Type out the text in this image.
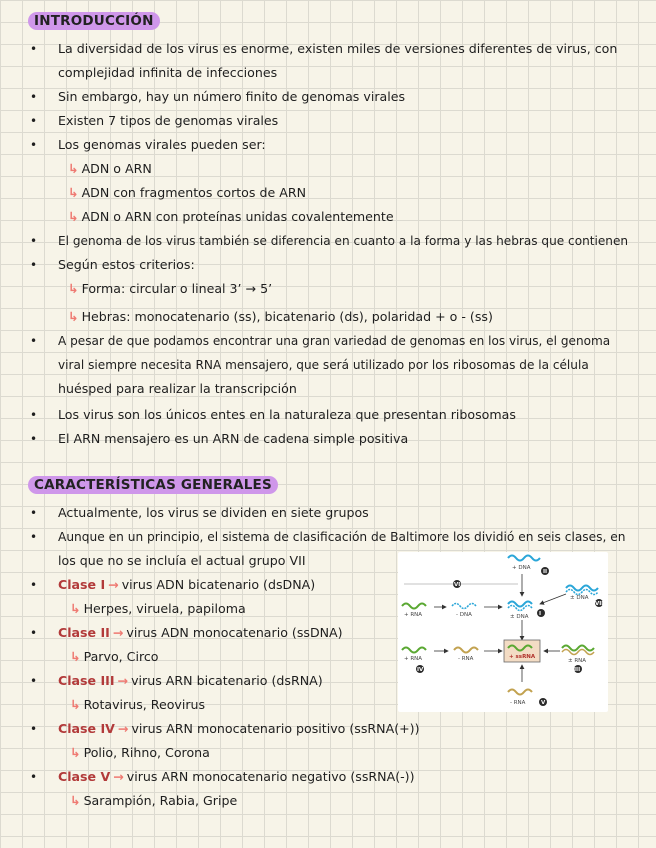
INTRODUCCIÓN
• La diversidad de los virus es enorme, existen miles de versiones diferentes de virus, con
complejidad infinita de infecciones
• Sin embargo, hay un número finito de genomas virales
• Existen 7 tipos de genomas virales
• Los genomas virales pueden ser:
↳ ADN o ARN
↳ ADN con fragmentos cortos de ARN
↳ ADN o ARN con proteínas unidas covalentemente
• El genoma de los virus también se diferencia en cuanto a la forma y las hebras que contienen
• Según estos criterios:
↳ Forma: circular o lineal 3’ → 5’
↳ Hebras: monocatenario (ss), bicatenario (ds), polaridad + o - (ss)
• A pesar de que podamos encontrar una gran variedad de genomas en los virus, el genoma
viral siempre necesita RNA mensajero, que será utilizado por los ribosomas de la célula
huésped para realizar la transcripción
• Los virus son los únicos entes en la naturaleza que presentan ribosomas
• El ARN mensajero es un ARN de cadena simple positiva
CARACTERÍSTICAS GENERALES
• Actualmente, los virus se dividen en siete grupos
• Aunque en un principio, el sistema de clasificación de Baltimore los dividió en seis clases, en
los que no se incluía el actual grupo VII
• Clase I → virus ADN bicatenario (dsDNA)
↳ Herpes, viruela, papiloma
• Clase II → virus ADN monocatenario (ssDNA)
↳ Parvo, Circo
• Clase III → virus ARN bicatenario (dsRNA)
↳ Rotavirus, Reovirus
• Clase IV → virus ARN monocatenario positivo (ssRNA(+))
↳ Polio, Rihno, Corona
• Clase V → virus ARN monocatenario negativo (ssRNA(-))
↳ Sarampión, Rabia, Gripe
+ DNA
II
± DNA
VII
VI
+ RNA	- DNA	± DNA I
+ RNA
IV
- RNA	+ ssRNA
± RNA
III
- RNA	V
